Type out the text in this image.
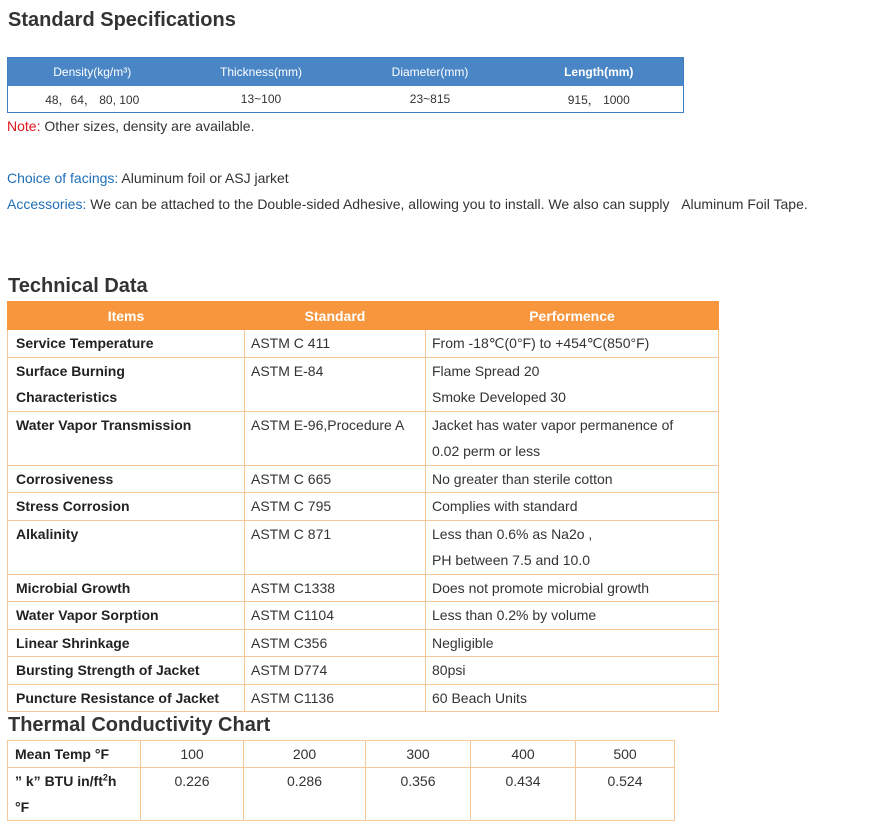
Standard Specifications
Density(kg/m³)	Thickness(mm)	Diameter(mm)	Length(mm)
48，64， 80, 100	13~100	23~815	915， 1000
Note: Other sizes, density are available.
Choice of facings: Aluminum foil or ASJ jarket
Accessories: We can be attached to the Double-sided Adhesive, allowing you to install. We also can supply   Aluminum Foil Tape.
Technical Data
Items	Standard	Performence

Service Temperature	ASTM C 411	From -18℃(0°F) to +454℃(850°F)

Surface Burning
Characteristics	ASTM E-84	Flame Spread 20
Smoke Developed 30

Water Vapor Transmission	ASTM E-96,Procedure A	Jacket has water vapor permanence of
0.02 perm or less

Corrosiveness	ASTM C 665	No greater than sterile cotton

Stress Corrosion	ASTM C 795	Complies with standard

Alkalinity	ASTM C 871	Less than 0.6% as Na2o ,
PH between 7.5 and 10.0

Microbial Growth	ASTM C1338	Does not promote microbial growth

Water Vapor Sorption	ASTM C1104	Less than 0.2% by volume

Linear Shrinkage	ASTM C356	Negligible

Bursting Strength of Jacket	ASTM D774	80psi

Puncture Resistance of Jacket	ASTM C1136	60 Beach Units
Thermal Conductivity Chart
Mean Temp °F	100	200	300	400	500
” k” BTU $in/ft^2h$
°F	0.226	0.286	0.356	0.434	0.524
